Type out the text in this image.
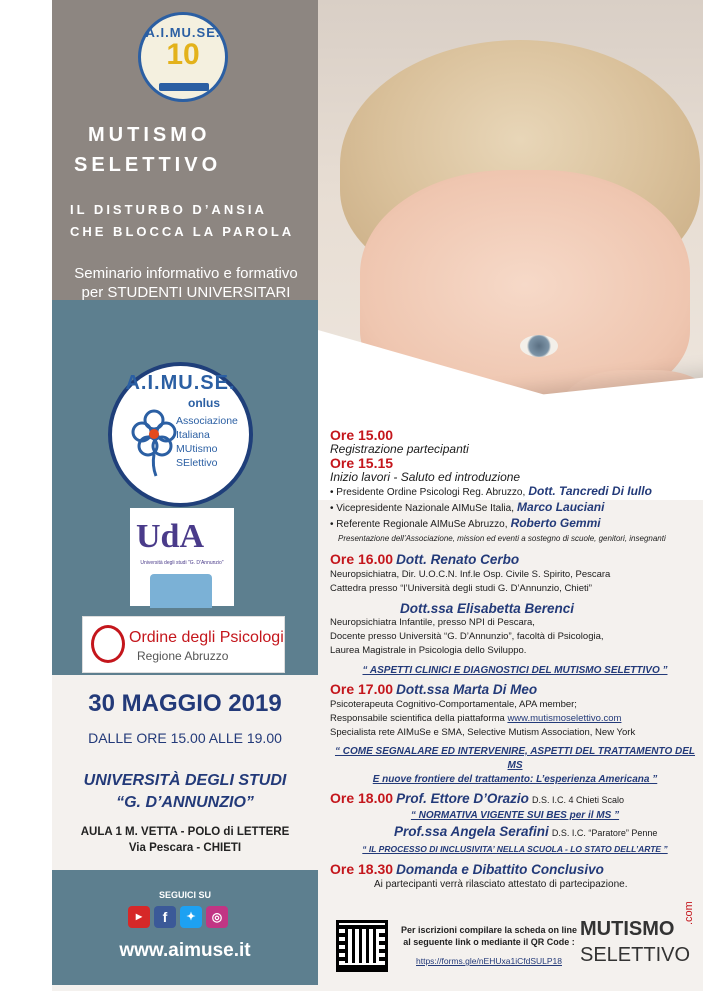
A.I.MU.SE.
10
MUTISMO
SELETTIVO
IL DISTURBO D’ANSIA
CHE BLOCCA LA PAROLA
Seminario informativo e formativo
per STUDENTI UNIVERSITARI
A.I.MU.SE.
onlus
Associazione
Italiana
MUtismo
SElettivo
UdA
Università degli studi "G. D'Annunzio"
Ordine degli Psicologi
Regione Abruzzo
30 MAGGIO 2019
DALLE ORE 15.00 ALLE 19.00
UNIVERSITÀ DEGLI STUDI
“G. D’ANNUNZIO”
AULA 1 M. VETTA - POLO di LETTERE
Via Pescara - CHIETI
SEGUICI SU
▶	f	✦	◎
www.aimuse.it
Ore 15.00
Registrazione partecipanti
Ore 15.15
Inizio lavori - Saluto ed introduzione
• Presidente Ordine Psicologi Reg. Abruzzo, Dott. Tancredi Di Iullo
• Vicepresidente Nazionale AIMuSe Italia, Marco Lauciani
• Referente Regionale AIMuSe Abruzzo, Roberto Gemmi
Presentazione dell’Associazione, mission ed eventi a sostegno di scuole, genitori, insegnanti
Ore 16.00 Dott. Renato Cerbo
Neuropsichiatra, Dir. U.O.C.N. Inf.le Osp. Civile S. Spirito, Pescara
Cattedra presso “l’Università degli studi G. D’Annunzio, Chieti”
Dott.ssa Elisabetta Berenci
Neuropsichiatra Infantile, presso NPI di Pescara,
Docente presso Università “G. D’Annunzio”, facoltà di Psicologia,
Laurea Magistrale in Psicologia dello Sviluppo.
“ ASPETTI CLINICI E DIAGNOSTICI DEL MUTISMO SELETTIVO ”
Ore 17.00 Dott.ssa Marta Di Meo
Psicoterapeuta Cognitivo-Comportamentale, APA member;
Responsabile scientifica della piattaforma www.mutismoselettivo.com
Specialista rete AIMuSe e SMA, Selective Mutism Association, New York
“ COME SEGNALARE ED INTERVENIRE, ASPETTI DEL TRATTAMENTO DEL MS
E nuove frontiere del trattamento: L’esperienza Americana ”
Ore 18.00 Prof. Ettore D’Orazio D.S. I.C. 4 Chieti Scalo
“ NORMATIVA VIGENTE SUI BES per il MS ”
Prof.ssa Angela Serafini D.S. I.C. “Paratore” Penne
“ IL PROCESSO DI INCLUSIVITA’ NELLA SCUOLA - LO STATO DELL’ARTE ”
Ore 18.30 Domanda e Dibattito Conclusivo
Ai partecipanti verrà rilasciato attestato di partecipazione.
Per iscrizioni compilare la scheda on line
al seguente link o mediante il QR Code :
https://forms.gle/nEHUxa1iCfdSULP18
MUTISMO
SELETTIVO
.com
